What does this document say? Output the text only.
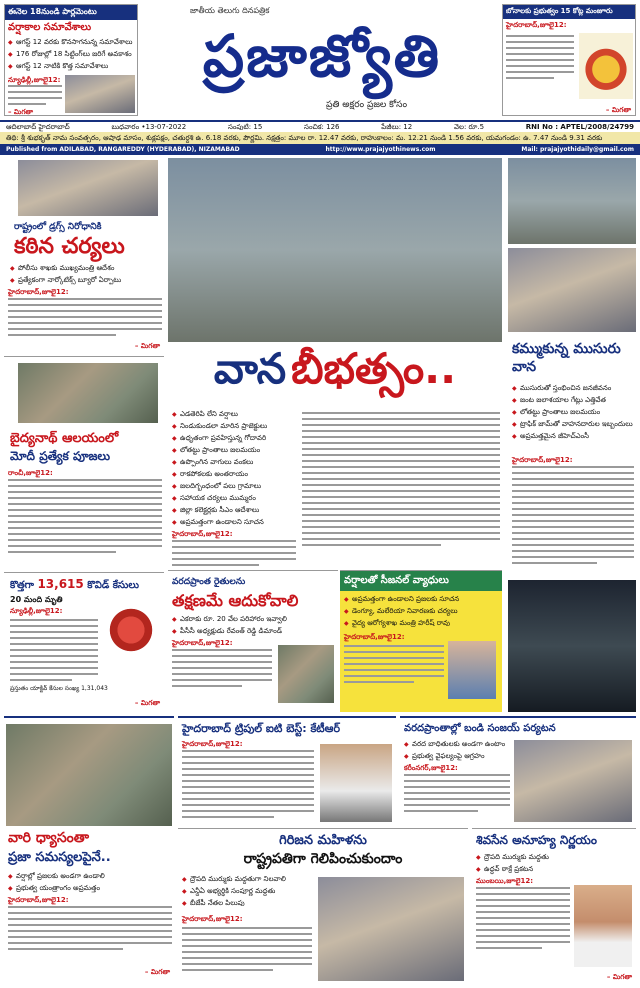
ఈనెల 18నుండి పార్లమెంటు
వర్షాకాల సమావేశాలు
◆ ఆగస్ట్ 12 వరకు కొనసాగనున్న సమావేశాలు
◆ 176 రోజుల్లో 18 సిట్టింగ్‌లు జరిగే అవకాశం
◆ ఆగస్ట్ 12 నాటికి కొత్త సమావేశాలు
న్యూఢిల్లీ,జూలై12:
– మిగతా
జాతీయ తెలుగు దినపత్రిక
ప్రజాజ్యోతి
ప్రతి అక్షరం ప్రజల కోసం
బోనాలకు ప్రభుత్వం 15 కోట్ల మంజూరు
హైదరాబాద్,జూలై12:
– మిగతా
ఆదిలాబాద్ హైదరాబాద్	బుధవారం •13-07-2022	సంపుటి: 15	సంచిక: 126	పేజీలు: 12	వెల: రూ.5	RNI No : APTEL/2008/24799
తిథి: శ్రీ శుభకృత్ నామ సంవత్సరం, ఆషాఢ మాసం, శుక్లపక్షం, చతుర్దశి ఉ. 6.18 వరకు, పౌర్ణమి. నక్షత్రం: మూల రా. 12.47 వరకు, రాహుకాలం: మ. 12.21 నుండి 1.56 వరకు, యమగండం: ఉ. 7.47 నుండి 9.31 వరకు
Published from ADILABAD, RANGAREDDY (HYDERABAD), NIZAMABAD	http://www.prajajyothinews.com	Mail: prajajyothidaily@gmail.com
రాష్ట్రంలో డ్రగ్స్ నిరోధానికి
కఠిన చర్యలు
◆ పోలీసు శాఖకు ముఖ్యమంత్రి ఆదేశం
◆ ప్రత్యేకంగా నార్కోటిక్స్ బ్యూరో ఏర్పాటు
హైదరాబాద్,జూలై12:
– మిగతా
బైద్యనాథ్ ఆలయంలో
మోదీ ప్రత్యేక పూజలు
రాంచీ,జూలై12:
కొత్తగా 13,615 కొవిడ్ కేసులు
20 మంది మృతి
న్యూఢిల్లీ,జూలై12:
ప్రస్తుతం యాక్టివ్ కేసుల సంఖ్య 1,31,043
– మిగతా
వాన బీభత్సం..
◆ ఎడతెరిపి లేని వర్షాలు
◆ నిండుకుండలా మారిన ప్రాజెక్టులు
◆ ఉధృతంగా ప్రవహిస్తున్న గోదావరి
◆ లోతట్టు ప్రాంతాలు జలమయం
◆ ఉప్పొంగిన వాగులు వంకలు
◆ రాకపోకలకు అంతరాయం
◆ జలదిగ్బంధంలో పలు గ్రామాలు
◆ సహాయక చర్యలు ముమ్మరం
◆ జిల్లా కలెక్టర్లకు సీఎం ఆదేశాలు
◆ అప్రమత్తంగా ఉండాలని సూచన
హైదరాబాద్,జూలై12:
వరదప్రాంత రైతులను
తక్షణమే ఆదుకోవాలి
◆ ఎకరాకు రూ. 20 వేల పరిహారం ఇవ్వాలి
◆ పీసీసీ అధ్యక్షుడు రేవంత్ రెడ్డి డిమాండ్
హైదరాబాద్,జూలై12:
వర్షాలతో సీజనల్ వ్యాధులు
◆ అప్రమత్తంగా ఉండాలని ప్రజలకు సూచన
◆ డెంగ్యూ, మలేరియా నివారణకు చర్యలు
◆ వైద్య ఆరోగ్యశాఖ మంత్రి హరీష్ రావు
హైదరాబాద్,జూలై12:
కమ్ముకున్న ముసురు వాన
◆ ముసురుతో స్తంభించిన జనజీవనం
◆ జంట జలాశయాల గేట్లు ఎత్తివేత
◆ లోతట్టు ప్రాంతాలు జలమయం
◆ ట్రాఫిక్ జామ్‌తో వాహనదారుల ఇబ్బందులు
◆ అప్రమత్తమైన జీహెచ్ఎంసీ
హైదరాబాద్,జూలై12:
వారి ధ్యాసంతా
ప్రజా సమస్యలపైనే..
◆ వర్షాల్లో ప్రజలకు అండగా ఉండాలి
◆ ప్రభుత్వ యంత్రాంగం అప్రమత్తం
హైదరాబాద్,జూలై12:
– మిగతా
హైదరాబాద్ ట్రిపుల్ ఐటి బెస్ట్: కేటీఆర్
హైదరాబాద్,జూలై12:
వరదప్రాంతాల్లో బండి సంజయ్ పర్యటన
◆ వరద బాధితులకు అండగా ఉంటాం
◆ ప్రభుత్వ వైఫల్యంపై ఆగ్రహం
కరీంనగర్,జూలై12:
గిరిజన మహిళను
రాష్ట్రపతిగా గెలిపించుకుందాం
◆ ద్రౌపది ముర్ముకు మద్దతుగా నిలవాలి
◆ ఎన్డీఏ అభ్యర్థికి సంపూర్ణ మద్దతు
◆ బీజేపీ నేతల పిలుపు
హైదరాబాద్,జూలై12:
శివసేన అనూహ్య నిర్ణయం
◆ ద్రౌపది ముర్ముకు మద్దతు
◆ ఉద్ధవ్ ఠాక్రే ప్రకటన
ముంబయి,జూలై12:
– మిగతా
